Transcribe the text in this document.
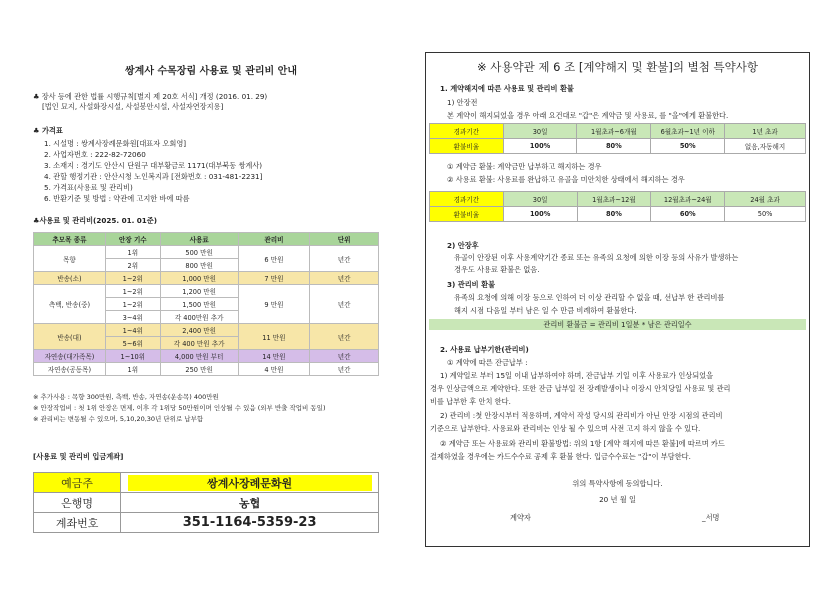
쌍계사 수목장림 사용료 및 관리비 안내
♣ 장사 등에 관한 법률 시행규칙[별지 제 20호 서식] 개정 (2016. 01. 29)
[법인 묘지, 사설화장시설, 사설봉안시설, 사설자연장지용]
♣ 가격표
1. 시설명 : 쌍계사장례문화원[대표자 오회영]
2. 사업자번호 : 222-82-72060
3. 소재지 : 경기도 안산시 단원구 대부황금로 1171(대부북동 쌍계사)
4. 관할 행정기관 : 안산시청 노인복지과 [전화번호 : 031-481-2231]
5. 가격표(사용료 및 관리비)
6. 반환기준 및 방법 : 약관에 고지한 바에 따름
♣사용료 및 관리비(2025. 01. 01준)
추모목 종류	안장 기수	사용료	관리비	단위
목향	1위	500 만원	6 만원	년간
	2위	800 만원		
반송(소)	1~2위	1,000 만원	7 만원	년간
측백, 반송(중)	1~2위	1,200 만원	9 만원	년간
	1~2위	1,500 만원		
	3~4위	각 400만원 추가		
반송(대)	1~4위	2,400 만원	11 만원	년간
	5~6위	각 400 만원 추가		
자연송(대가족목)	1~10위	4,000 만원 부터	14 만원	년간
자연송(공동목)	1위	250 만원	4 만원	년간
※ 추가사용 : 목향 300만원, 측백, 반송, 자연송(운송목) 400만원
※ 안장작업비 : 첫 1위 안장은 면제, 이후 각 1위당 50만원이며 인상될 수 있음 (외부 반출 작업비 동일)
※ 관리비는 변동될 수 있으며, 5,10,20,30년 단위로 납부함
[사용료 및 관리비 입금계좌]
예금주	쌍계사장례문화원
은행명	농협
계좌번호	351-1164-5359-23
※ 사용약관 제 6 조 [계약해지 및 환불]의 별첨 특약사항
1. 계약해지에 따른 사용료 및 관리비 환불
1) 안장전
본 계약이 해지되었을 경우 아래 요건대로 "갑"은 계약금 및 사용료, 를 "을"에게 환불한다.
경과기간	30일	1월초과~6개월	6월초과~1년 이하	1년 초과
환불비율	100%	80%	50%	없음,자동해지
① 계약금 환불: 계약금만 납부하고 해지하는 경우
② 사용료 환불: 사용료를 완납하고 유골을 미안치한 상태에서 해지하는 경우
경과기간	30일	1월초과~12월	12월초과~24월	24월 초과
환불비율	100%	80%	60%	50%
2) 안장후
유골이 안장된 이후 사용계약기간 종료 또는 유족의 요청에 의한 이장 등의 사유가 발생하는
경우도 사용료 환불은 없음.
3) 관리비 환불
유족의 요청에 의해 이장 등으로 인하여 더 이상 관리할 수 없을 때, 선납부 한 관리비를
해지 시점 다음일 부터 남은 일 수 만큼 비례하여 환불한다.
관리비 환불금 = 관리비 1일분 * 남은 관리일수
2. 사용료 납부기한(관리비)
① 계약에 따른 잔금납부 :
1) 계약일로 부터 15일 이내 납부하여야 하며, 잔금납부 기일 이후 사용료가 인상되었을
경우 인상금액으로 계약한다. 또한 잔금 납부일 전 장례발생이나 이장시 안치당일 사용료 및 관리
비를 납부한 후 안치 한다.
2) 관리비 :첫 안장시부터 적용하며, 계약서 작성 당시의 관리비가 아닌 안장 시점의 관리비
기준으로 납부한다. 사용료와 관리비는 인상 될 수 있으며 사전 고지 하지 않을 수 있다.
② 계약금 또는 사용료와 관리비 환불방법: 위의 1항 [계약 해지에 따른 환불]에 따르며 카드
결제하였을 경우에는 카드수수료 공제 후 환불 한다. 입금수수료는 "갑"이 부담한다.
위의 특약사항에 동의합니다.
20 년 월 일
계약자	_서명
